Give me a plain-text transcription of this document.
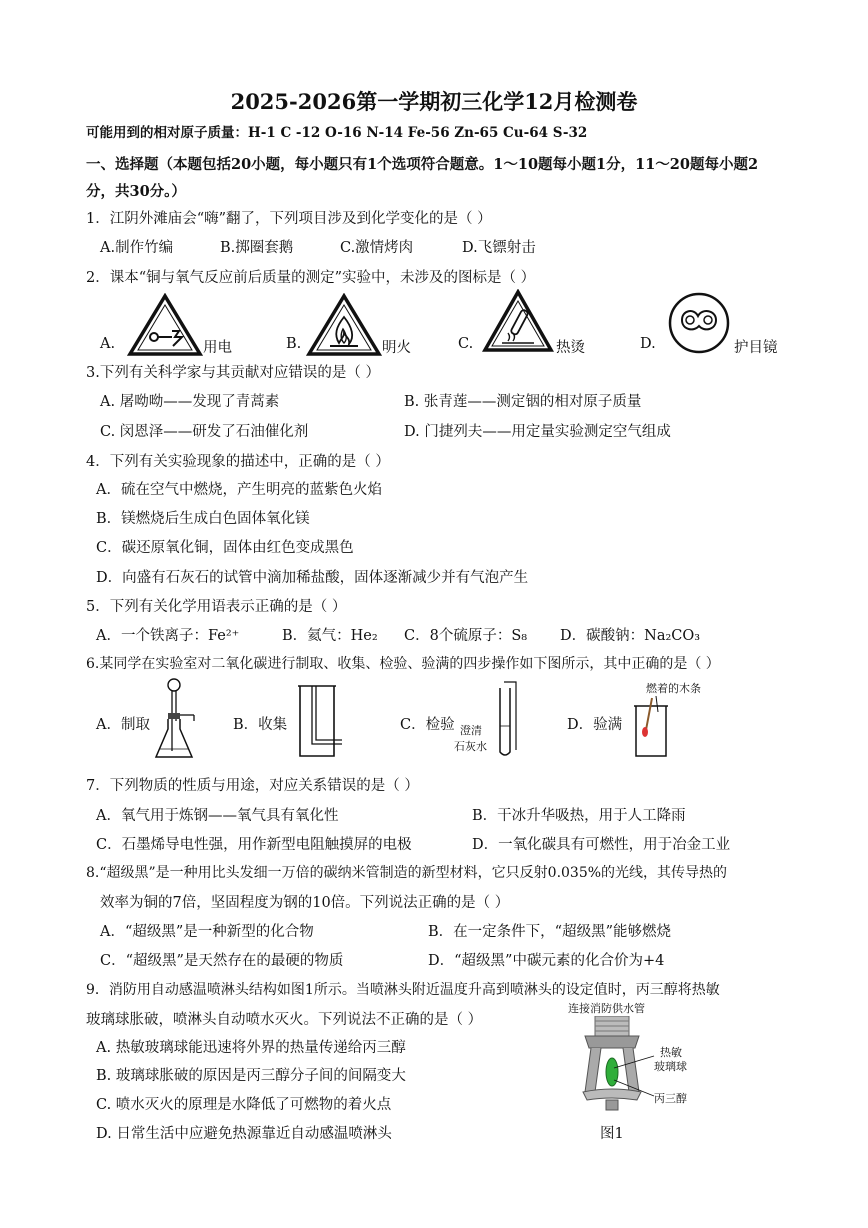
2025-2026第一学期初三化学12月检测卷
可能用到的相对原子质量：H-1 C -12 O-16 N-14 Fe-56 Zn-65 Cu-64 S-32
一、选择题（本题包括20小题，每小题只有1个选项符合题意。1～10题每小题1分，11～20题每小题2
分，共30分。）
1．江阴外滩庙会“嗨”翻了，下列项目涉及到化学变化的是（ ）
A.制作竹编	B.掷圈套鹅	C.激情烤肉	D.飞镖射击
2．课本“铜与氧气反应前后质量的测定”实验中，未涉及的图标是（ ）
A.	用电	B.	明火	C.	热烫	D.	护目镜
3.下列有关科学家与其贡献对应错误的是（ ）
A. 屠呦呦——发现了青蒿素	B. 张青莲——测定铟的相对原子质量
C. 闵恩泽——研发了石油催化剂	D. 门捷列夫——用定量实验测定空气组成
4．下列有关实验现象的描述中，正确的是（ ）
A．硫在空气中燃烧，产生明亮的蓝紫色火焰
B．镁燃烧后生成白色固体氧化镁
C．碳还原氧化铜，固体由红色变成黑色
D．向盛有石灰石的试管中滴加稀盐酸，固体逐渐减少并有气泡产生
5．下列有关化学用语表示正确的是（ ）
A．一个铁离子：Fe²⁺	B．氦气：He₂ C．8个硫原子：S₈ D．碳酸钠：Na₂CO₃
6.某同学在实验室对二氧化碳进行制取、收集、检验、验满的四步操作如下图所示，其中正确的是（ ）
A．制取	B．收集	C．检验 澄清
石灰水
D．验满
燃着的木条
7．下列物质的性质与用途，对应关系错误的是（ ）
A．氧气用于炼钢——氧气具有氧化性	B．干冰升华吸热，用于人工降雨
C．石墨烯导电性强，用作新型电阻触摸屏的电极	D．一氧化碳具有可燃性，用于冶金工业
8.“超级黑”是一种用比头发细一万倍的碳纳米管制造的新型材料，它只反射0.035%的光线，其传导热的
效率为铜的7倍，坚固程度为钢的10倍。下列说法正确的是（ ）
A．“超级黑”是一种新型的化合物	B．在一定条件下，“超级黑”能够燃烧
C．“超级黑”是天然存在的最硬的物质	D．“超级黑”中碳元素的化合价为+4
9．消防用自动感温喷淋头结构如图1所示。当喷淋头附近温度升高到喷淋头的设定值时，丙三醇将热敏
玻璃球胀破，喷淋头自动喷水灭火。下列说法不正确的是（ ）
A. 热敏玻璃球能迅速将外界的热量传递给丙三醇
B. 玻璃球胀破的原因是丙三醇分子间的间隔变大
C. 喷水灭火的原理是水降低了可燃物的着火点
D. 日常生活中应避免热源靠近自动感温喷淋头
连接消防供水管
热敏
玻璃球
丙三醇
图1
